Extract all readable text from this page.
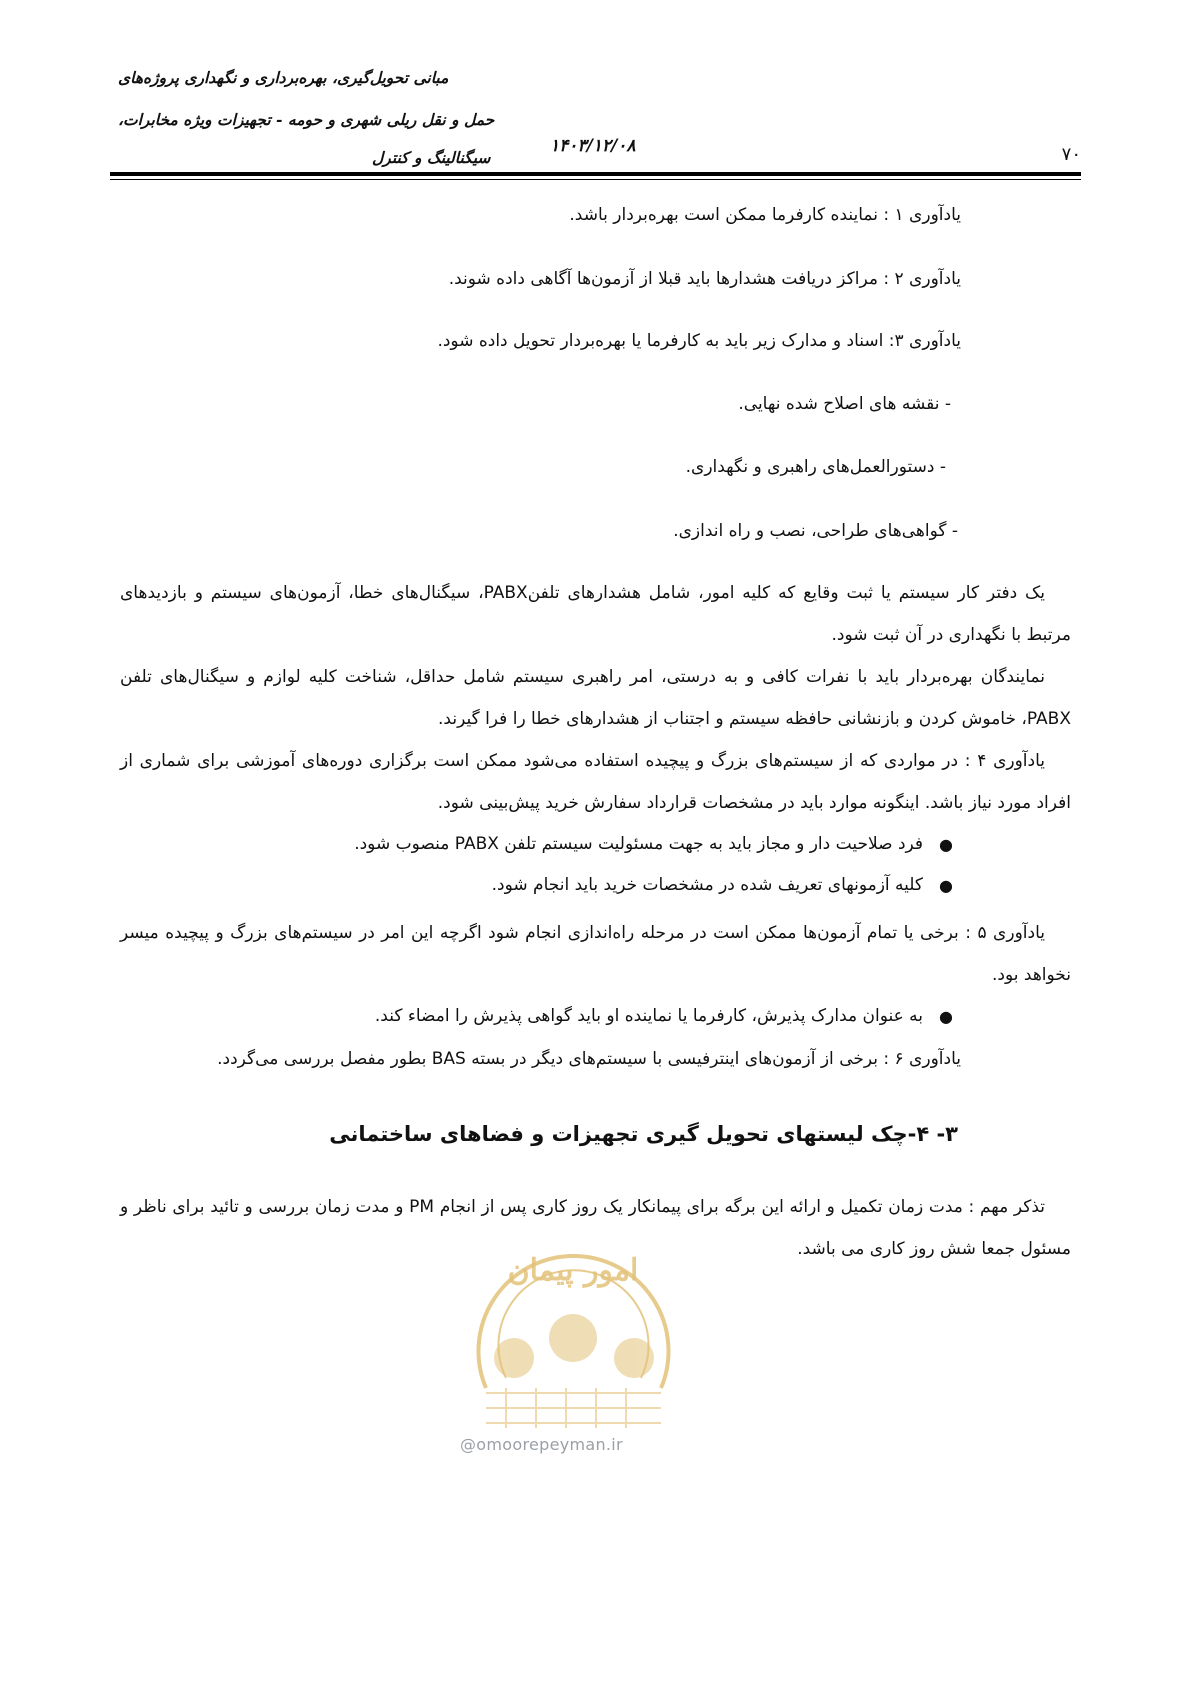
مبانی تحویل‌گیری، بهره‌برداری و نگهداری پروژه‌های
حمل و نقل ریلی شهری و حومه - تجهیزات ویژه مخابرات،
سیگنالینگ و کنترل
۱۴۰۳/۱۲/۰۸	۷۰
یادآوری ۱ : نماینده کارفرما ممکن است بهره‌بردار باشد.
یادآوری ۲ : مراکز دریافت هشدارها باید قبلا از آزمون‌ها آگاهی داده شوند.
یادآوری ۳: اسناد و مدارک زیر باید به کارفرما یا بهره‌بردار تحویل داده شود.
- نقشه های اصلاح شده نهایی.
- دستورالعمل‌های راهبری و نگهداری.
- گواهی‌های طراحی، نصب و راه اندازی.
یک دفتر کار سیستم یا ثبت وقایع که کلیه امور، شامل هشدارهای تلفنPABX، سیگنال‌های خطا، آزمون‌های سیستم و بازدیدهای مرتبط با نگهداری در آن ثبت شود.
نمایندگان بهره‌بردار باید با نفرات کافی و به درستی، امر راهبری سیستم شامل حداقل، شناخت کلیه لوازم و سیگنال‌های تلفن PABX، خاموش کردن و بازنشانی حافظه سیستم و اجتناب از هشدارهای خطا را فرا گیرند.
یادآوری ۴ : در مواردی که از سیستم‌های بزرگ و پیچیده استفاده می‌شود ممکن است برگزاری دوره‌های آموزشی برای شماری از افراد مورد نیاز باشد. اینگونه موارد باید در مشخصات قرارداد سفارش خرید پیش‌بینی شود.
●
فرد صلاحیت دار و مجاز باید به جهت مسئولیت سیستم تلفن PABX منصوب شود.
●
کلیه آزمونهای تعریف شده در مشخصات خرید باید انجام شود.
یادآوری ۵ : برخی یا تمام آزمون‌ها ممکن است در مرحله راه‌اندازی انجام شود اگرچه این امر در سیستم‌های بزرگ و پیچیده میسر نخواهد بود.
●
به عنوان مدارک پذیرش، کارفرما یا نماینده او باید گواهی پذیرش را امضاء کند.
یادآوری ۶ : برخی از آزمون‌های اینترفیسی با سیستم‌های دیگر در بسته BAS بطور مفصل بررسی می‌گردد.
۳- ۴-چک لیستهای تحویل گیری تجهیزات و فضاهای ساختمانی
تذکر مهم : مدت زمان تکمیل و ارائه این برگه برای پیمانکار یک روز کاری پس از انجام PM و مدت زمان بررسی و تائید برای ناظر و مسئول جمعا شش روز کاری می باشد.
امور پیمان
@omoorepeyman.ir
